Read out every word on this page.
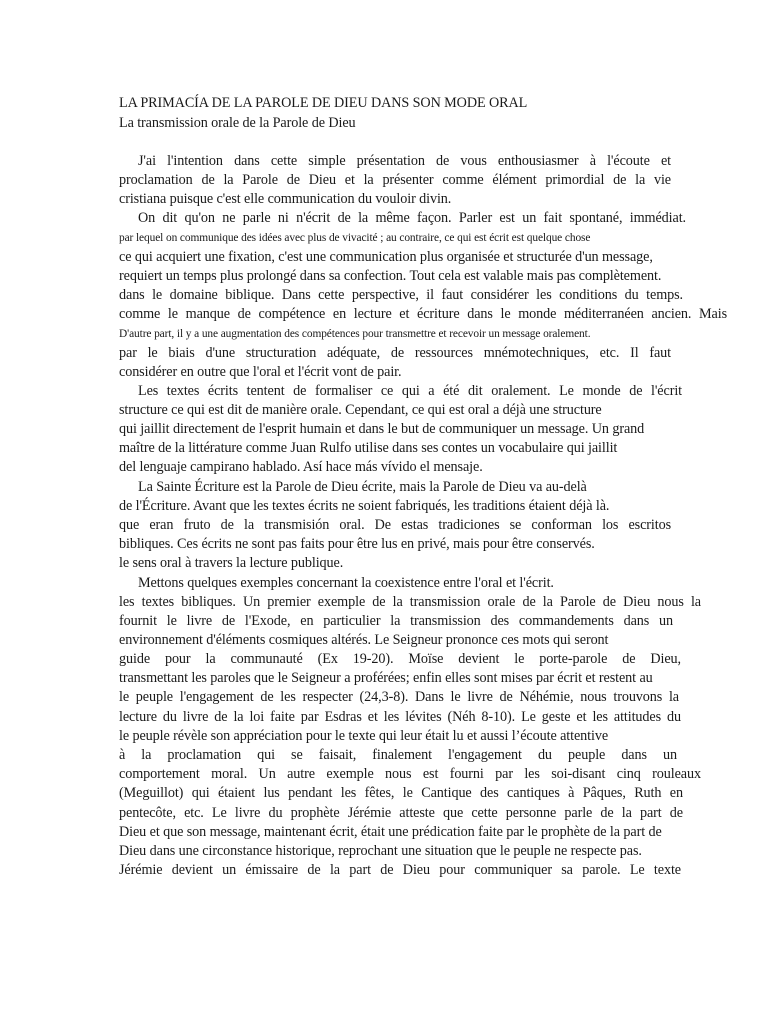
LA PRIMACÍA DE LA PAROLE DE DIEU DANS SON MODE ORAL
La transmission orale de la Parole de Dieu
J'ai l'intention dans cette simple présentation de vous enthousiasmer à l'écoute et
proclamation de la Parole de Dieu et la présenter comme élément primordial de la vie
cristiana puisque c'est elle communication du vouloir divin.
On dit qu'on ne parle ni n'écrit de la même façon. Parler est un fait spontané, immédiat.
par lequel on communique des idées avec plus de vivacité ; au contraire, ce qui est écrit est quelque chose
ce qui acquiert une fixation, c'est une communication plus organisée et structurée d'un message,
requiert un temps plus prolongé dans sa confection. Tout cela est valable mais pas complètement.
dans le domaine biblique. Dans cette perspective, il faut considérer les conditions du temps.
comme le manque de compétence en lecture et écriture dans le monde méditerranéen ancien. Mais
D'autre part, il y a une augmentation des compétences pour transmettre et recevoir un message oralement.
par le biais d'une structuration adéquate, de ressources mnémotechniques, etc. Il faut
considérer en outre que l'oral et l'écrit vont de pair.
Les textes écrits tentent de formaliser ce qui a été dit oralement. Le monde de l'écrit
structure ce qui est dit de manière orale. Cependant, ce qui est oral a déjà une structure
qui jaillit directement de l'esprit humain et dans le but de communiquer un message. Un grand
maître de la littérature comme Juan Rulfo utilise dans ses contes un vocabulaire qui jaillit
del lenguaje campirano hablado. Así hace más vívido el mensaje.
La Sainte Écriture est la Parole de Dieu écrite, mais la Parole de Dieu va au-delà
de l'Écriture. Avant que les textes écrits ne soient fabriqués, les traditions étaient déjà là.
que eran fruto de la transmisión oral. De estas tradiciones se conforman los escritos
bibliques. Ces écrits ne sont pas faits pour être lus en privé, mais pour être conservés.
le sens oral à travers la lecture publique.
Mettons quelques exemples concernant la coexistence entre l'oral et l'écrit.
les textes bibliques. Un premier exemple de la transmission orale de la Parole de Dieu nous la
fournit le livre de l'Exode, en particulier la transmission des commandements dans un
environnement d'éléments cosmiques altérés. Le Seigneur prononce ces mots qui seront
guide pour la communauté (Ex 19-20). Moïse devient le porte-parole de Dieu,
transmettant les paroles que le Seigneur a proférées; enfin elles sont mises par écrit et restent au
le peuple l'engagement de les respecter (24,3-8). Dans le livre de Néhémie, nous trouvons la
lecture du livre de la loi faite par Esdras et les lévites (Néh 8-10). Le geste et les attitudes du
le peuple révèle son appréciation pour le texte qui leur était lu et aussi l’écoute attentive
à la proclamation qui se faisait, finalement l'engagement du peuple dans un
comportement moral. Un autre exemple nous est fourni par les soi-disant cinq rouleaux
(Meguillot) qui étaient lus pendant les fêtes, le Cantique des cantiques à Pâques, Ruth en
pentecôte, etc. Le livre du prophète Jérémie atteste que cette personne parle de la part de
Dieu et que son message, maintenant écrit, était une prédication faite par le prophète de la part de
Dieu dans une circonstance historique, reprochant une situation que le peuple ne respecte pas.
Jérémie devient un émissaire de la part de Dieu pour communiquer sa parole. Le texte
